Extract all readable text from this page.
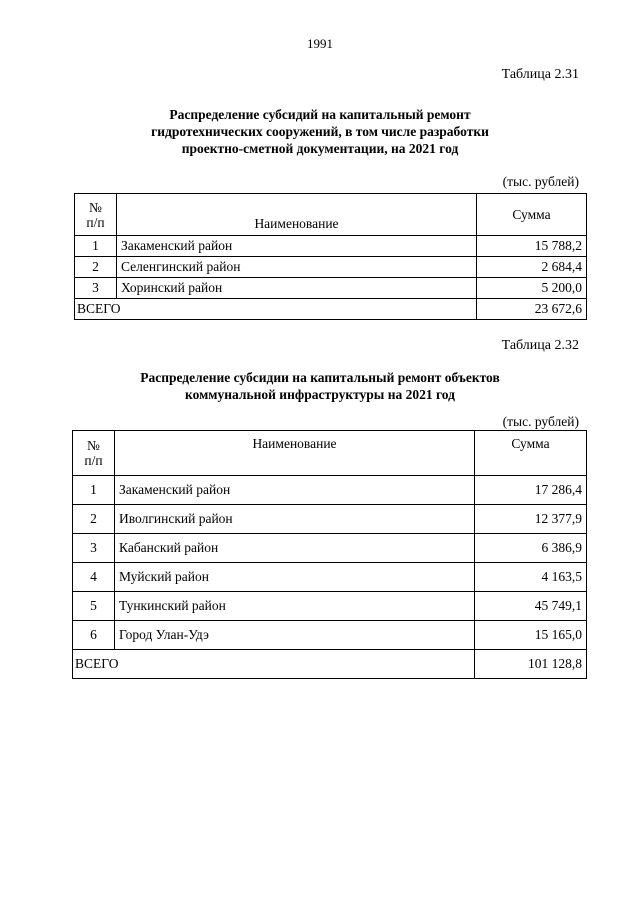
1991
Таблица 2.31
Распределение субсидий на капитальный ремонт
гидротехнических сооружений, в том числе разработки
проектно-сметной документации, на 2021 год
(тыс. рублей)
№
п/п	Наименование	Сумма
1	Закаменский район	15 788,2
2	Селенгинский район	2 684,4
3	Хоринский район	5 200,0
ВСЕГО		23 672,6
Таблица 2.32
Распределение субсидии на капитальный ремонт объектов
коммунальной инфраструктуры на 2021 год
(тыс. рублей)
№
п/п	Наименование	Сумма
1	Закаменский район	17 286,4
2	Иволгинский район	12 377,9
3	Кабанский район	6 386,9
4	Муйский район	4 163,5
5	Тункинский район	45 749,1
6	Город Улан-Удэ	15 165,0
ВСЕГО		101 128,8
